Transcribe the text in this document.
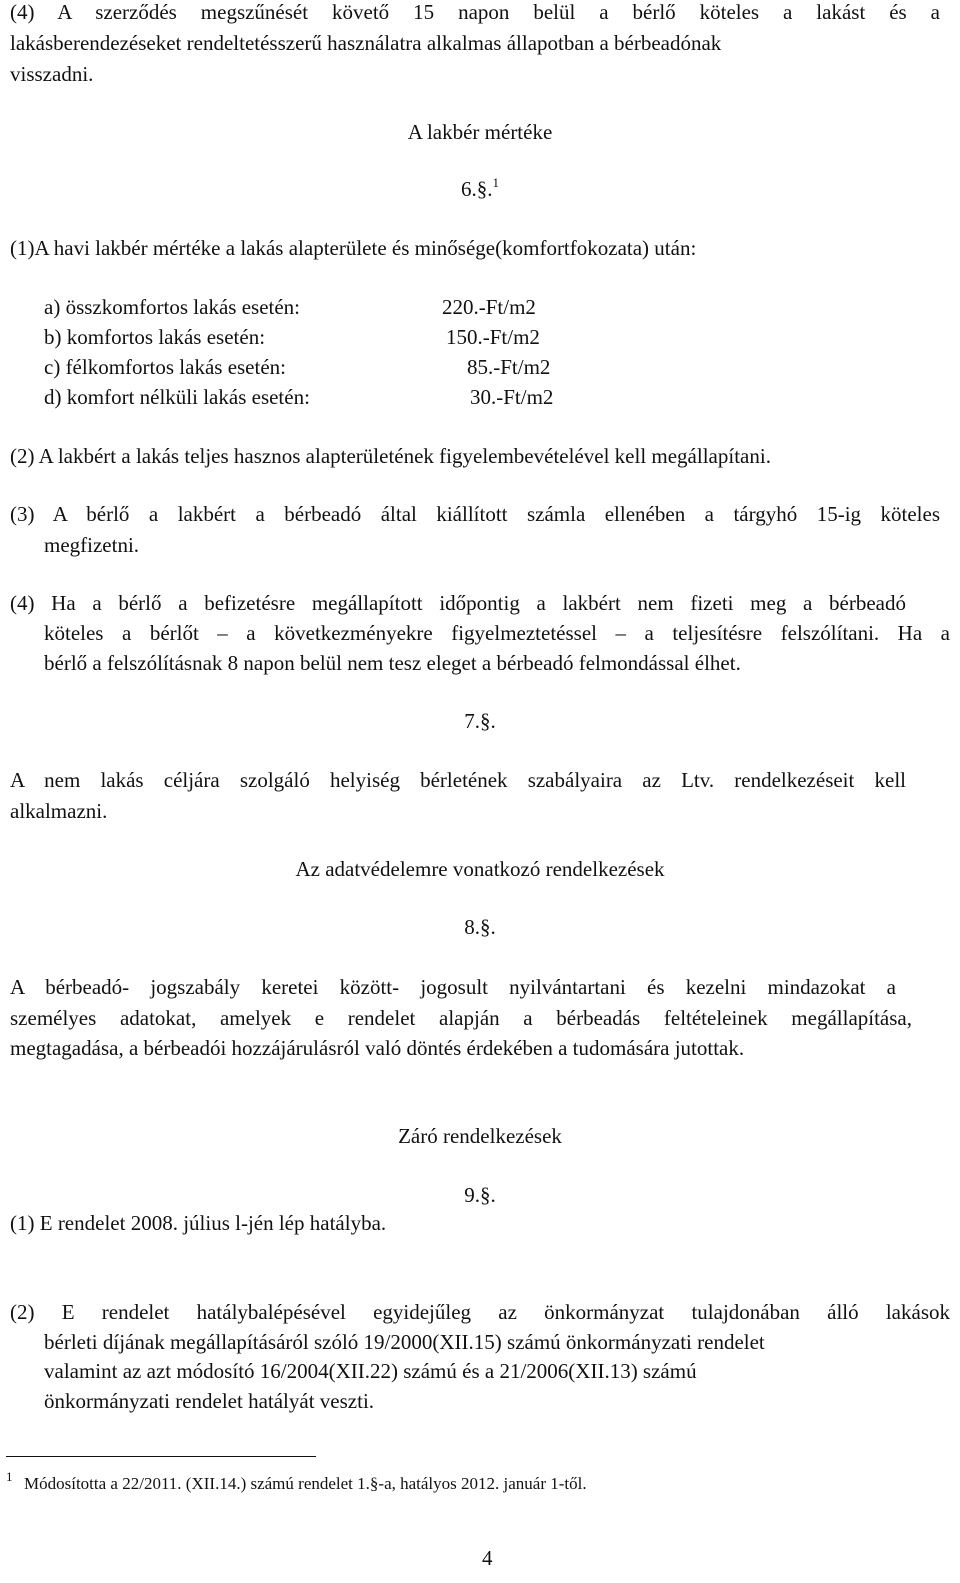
(4) A szerződés megszűnését követő 15 napon belül a bérlő köteles a lakást és a
lakásberendezéseket rendeltetésszerű használatra alkalmas állapotban a bérbeadónak
visszadni.
A lakbér mértéke
6.§.$^1$
(1)A havi lakbér mértéke a lakás alapterülete és minősége(komfortfokozata) után:
a) összkomfortos lakás esetén:	220.-Ft/m2
b) komfortos lakás esetén:	150.-Ft/m2
c) félkomfortos lakás esetén:	85.-Ft/m2
d) komfort nélküli lakás esetén:	30.-Ft/m2
(2) A lakbért a lakás teljes hasznos alapterületének figyelembevételével kell megállapítani.
(3) A bérlő a lakbért a bérbeadó által kiállított számla ellenében a tárgyhó 15-ig köteles
megfizetni.
(4) Ha a bérlő a befizetésre megállapított időpontig a lakbért nem fizeti meg a bérbeadó
köteles a bérlőt – a következményekre figyelmeztetéssel – a teljesítésre felszólítani. Ha a
bérlő a felszólításnak 8 napon belül nem tesz eleget a bérbeadó felmondással élhet.
7.§.
A nem lakás céljára szolgáló helyiség bérletének szabályaira az Ltv. rendelkezéseit kell
alkalmazni.
Az adatvédelemre vonatkozó rendelkezések
8.§.
A bérbeadó- jogszabály keretei között- jogosult nyilvántartani és kezelni mindazokat a
személyes adatokat, amelyek e rendelet alapján a bérbeadás feltételeinek megállapítása,
megtagadása, a bérbeadói hozzájárulásról való döntés érdekében a tudomására jutottak.
Záró rendelkezések
9.§.
(1) E rendelet 2008. július l-jén lép hatályba.
(2) E rendelet hatálybalépésével egyidejűleg az önkormányzat tulajdonában álló lakások
bérleti díjának megállapításáról szóló 19/2000(XII.15) számú önkormányzati rendelet
valamint az azt módosító 16/2004(XII.22) számú és a 21/2006(XII.13) számú
önkormányzati rendelet hatályát veszti.
1 Módosította a 22/2011. (XII.14.) számú rendelet 1.§-a, hatályos 2012. január 1-től.
4
